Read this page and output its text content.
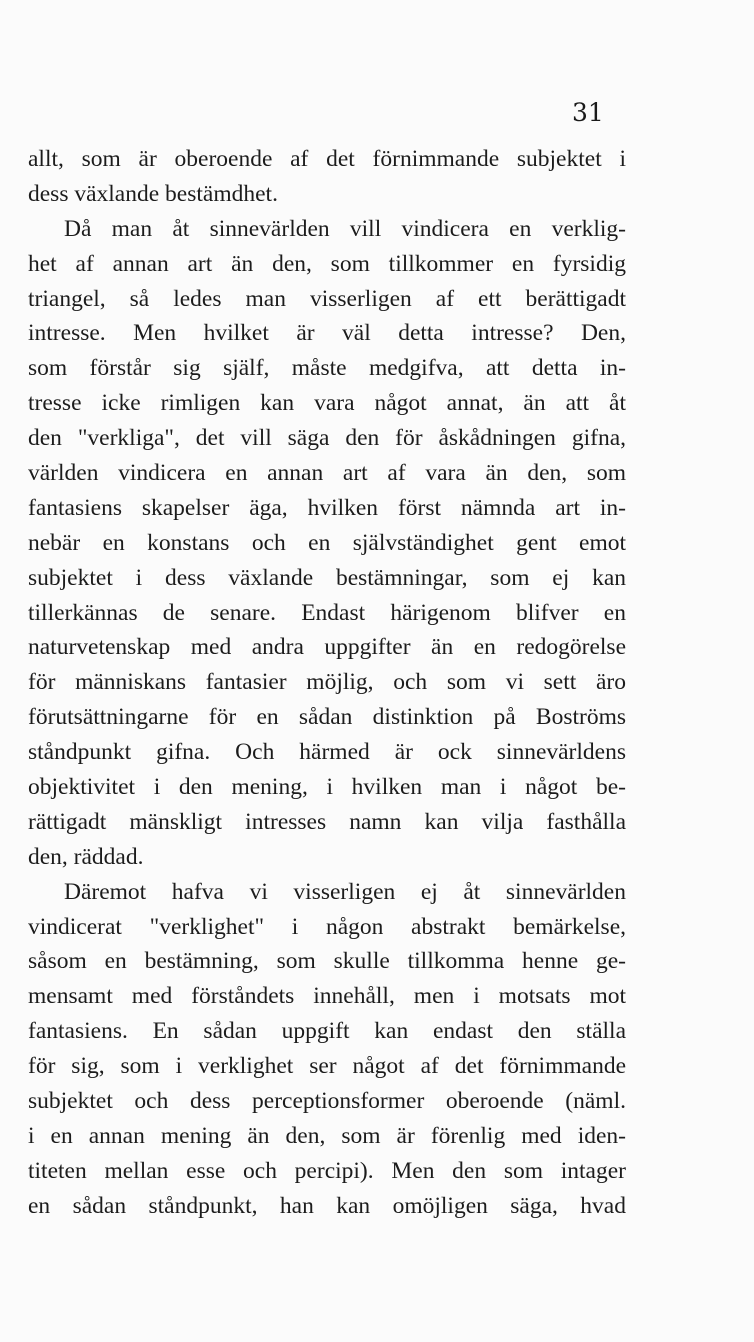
31
allt, som är oberoende af det förnimmande subjektet i
dess växlande bestämdhet.
Då man åt sinnevärlden vill vindicera en verklig-
het af annan art än den, som tillkommer en fyrsidig
triangel, så ledes man visserligen af ett berättigadt
intresse. Men hvilket är väl detta intresse? Den,
som förstår sig själf, måste medgifva, att detta in-
tresse icke rimligen kan vara något annat, än att åt
den "verkliga", det vill säga den för åskådningen gifna,
världen vindicera en annan art af vara än den, som
fantasiens skapelser äga, hvilken först nämnda art in-
nebär en konstans och en självständighet gent emot
subjektet i dess växlande bestämningar, som ej kan
tillerkännas de senare. Endast härigenom blifver en
naturvetenskap med andra uppgifter än en redogörelse
för människans fantasier möjlig, och som vi sett äro
förutsättningarne för en sådan distinktion på Boströms
ståndpunkt gifna. Och härmed är ock sinnevärldens
objektivitet i den mening, i hvilken man i något be-
rättigadt mänskligt intresses namn kan vilja fasthålla
den, räddad.
Däremot hafva vi visserligen ej åt sinnevärlden
vindicerat "verklighet" i någon abstrakt bemärkelse,
såsom en bestämning, som skulle tillkomma henne ge-
mensamt med förståndets innehåll, men i motsats mot
fantasiens. En sådan uppgift kan endast den ställa
för sig, som i verklighet ser något af det förnimmande
subjektet och dess perceptionsformer oberoende (näml.
i en annan mening än den, som är förenlig med iden-
titeten mellan esse och percipi). Men den som intager
en sådan ståndpunkt, han kan omöjligen säga, hvad
